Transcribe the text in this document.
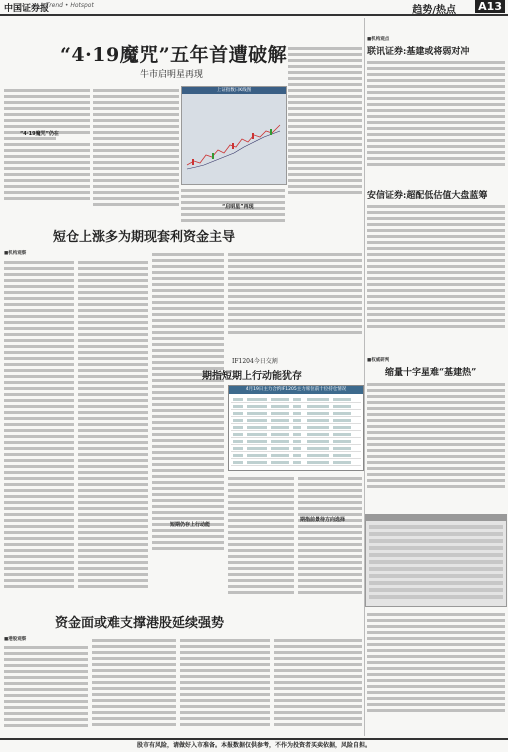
中国证券报
Trend • Hotspot	趋势/热点 A13
“4·19魔咒”五年首遭破解
牛市启明星再现
“4·19魔咒”仍在
上证指数日K线图
“启明星”再现
■机构观点
联讯证券:基建或将弱对冲
安信证券:超配低估值大盘蓝筹
■权威研判
缩量十字星难“基建热”
短仓上涨多为期现套利资金主导
■机构观察
IF1204今日交割
期指短期上行动能犹存
4月19日主力合约IF1205主力席位前十位持仓情况
短期仍存上行动能
期指前景待方向选择
资金面或难支撑港股延续强势
■港股观察
股市有风险，请做好入市准备。本报数据仅供参考，不作为投资者买卖依据，风险自担。
